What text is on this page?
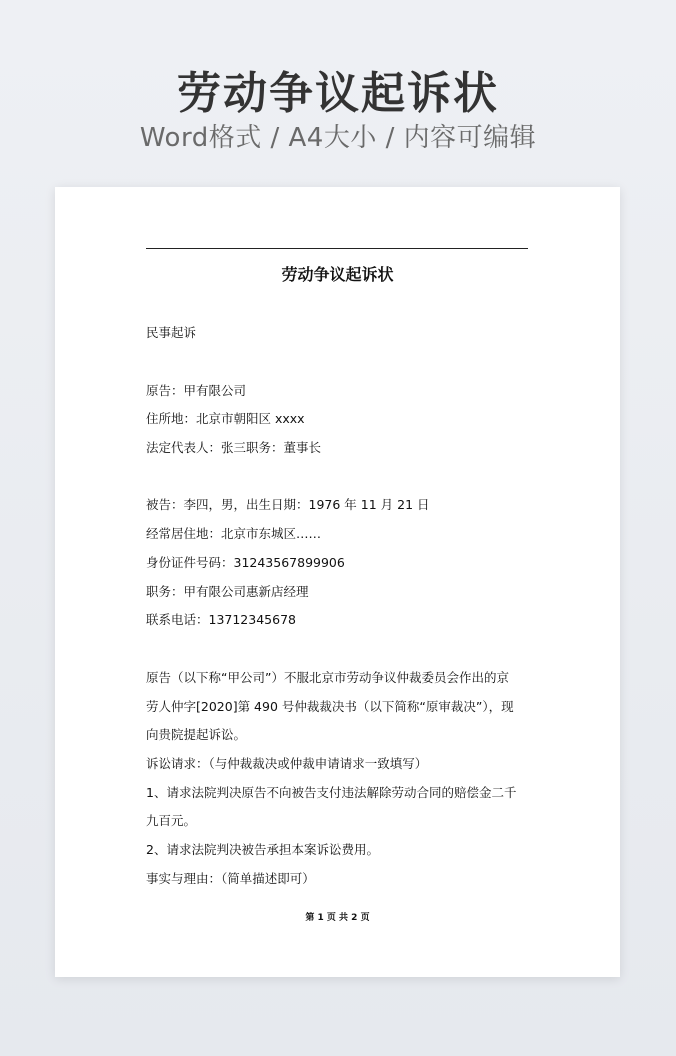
劳动争议起诉状
Word格式 / A4大小 / 内容可编辑
劳动争议起诉状
民事起诉
原告：甲有限公司
住所地：北京市朝阳区 xxxx
法定代表人：张三职务：董事长
被告：李四，男，出生日期：1976 年 11 月 21 日
经常居住地：北京市东城区……
身份证件号码：31243567899906
职务：甲有限公司惠新店经理
联系电话：13712345678
原告（以下称“甲公司”）不服北京市劳动争议仲裁委员会作出的京
劳人仲字[2020]第 490 号仲裁裁决书（以下简称“原审裁决”），现
向贵院提起诉讼。
诉讼请求：（与仲裁裁决或仲裁申请请求一致填写）
1、请求法院判决原告不向被告支付违法解除劳动合同的赔偿金二千
九百元。
2、请求法院判决被告承担本案诉讼费用。
事实与理由：（简单描述即可）
第 1 页 共 2 页
